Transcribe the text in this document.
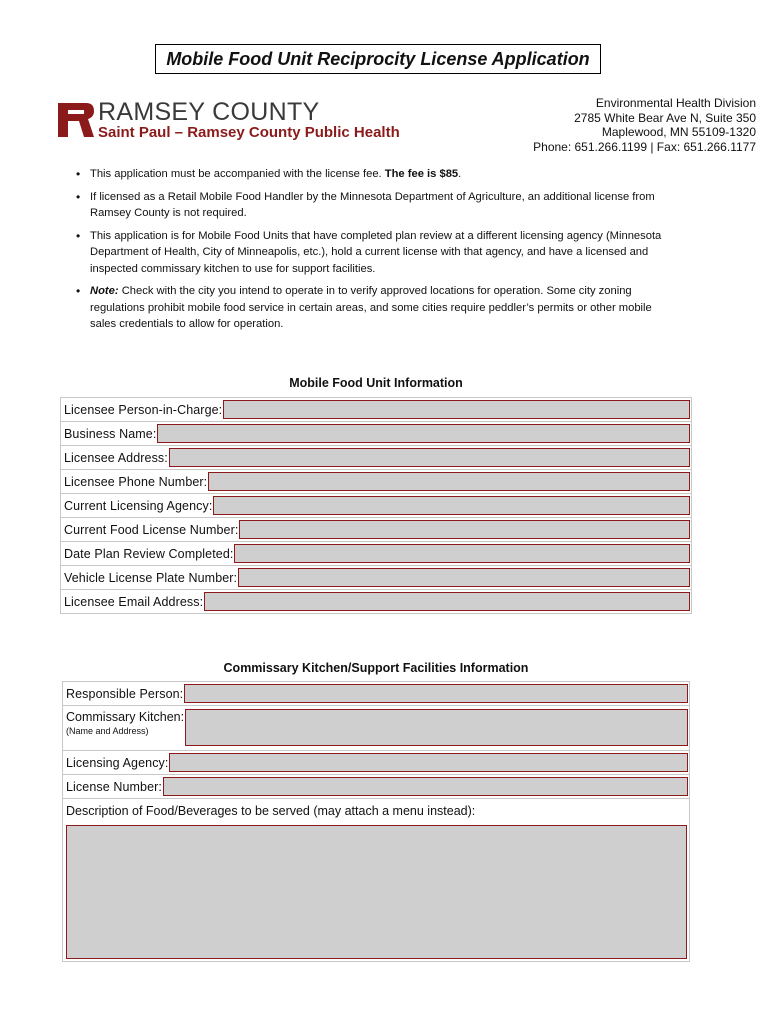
Mobile Food Unit Reciprocity License Application
RAMSEY COUNTY
Saint Paul – Ramsey County Public Health
Environmental Health Division
2785 White Bear Ave N, Suite 350
Maplewood, MN 55109-1320
Phone: 651.266.1199 | Fax: 651.266.1177
• This application must be accompanied with the license fee. The fee is $85.
• If licensed as a Retail Mobile Food Handler by the Minnesota Department of Agriculture, an additional license from Ramsey County is not required.
• This application is for Mobile Food Units that have completed plan review at a different licensing agency (Minnesota Department of Health, City of Minneapolis, etc.), hold a current license with that agency, and have a licensed and inspected commissary kitchen to use for support facilities.
• Note: Check with the city you intend to operate in to verify approved locations for operation. Some city zoning regulations prohibit mobile food service in certain areas, and some cities require peddler’s permits or other mobile sales credentials to allow for operation.
Mobile Food Unit Information
Licensee Person-in-Charge:

Business Name:

Licensee Address:

Licensee Phone Number:

Current Licensing Agency:

Current Food License Number:

Date Plan Review Completed:

Vehicle License Plate Number:

Licensee Email Address:
Commissary Kitchen/Support Facilities Information
Responsible Person:

Commissary Kitchen:
(Name and Address)

Licensing Agency:

License Number:

Description of Food/Beverages to be served (may attach a menu instead):
